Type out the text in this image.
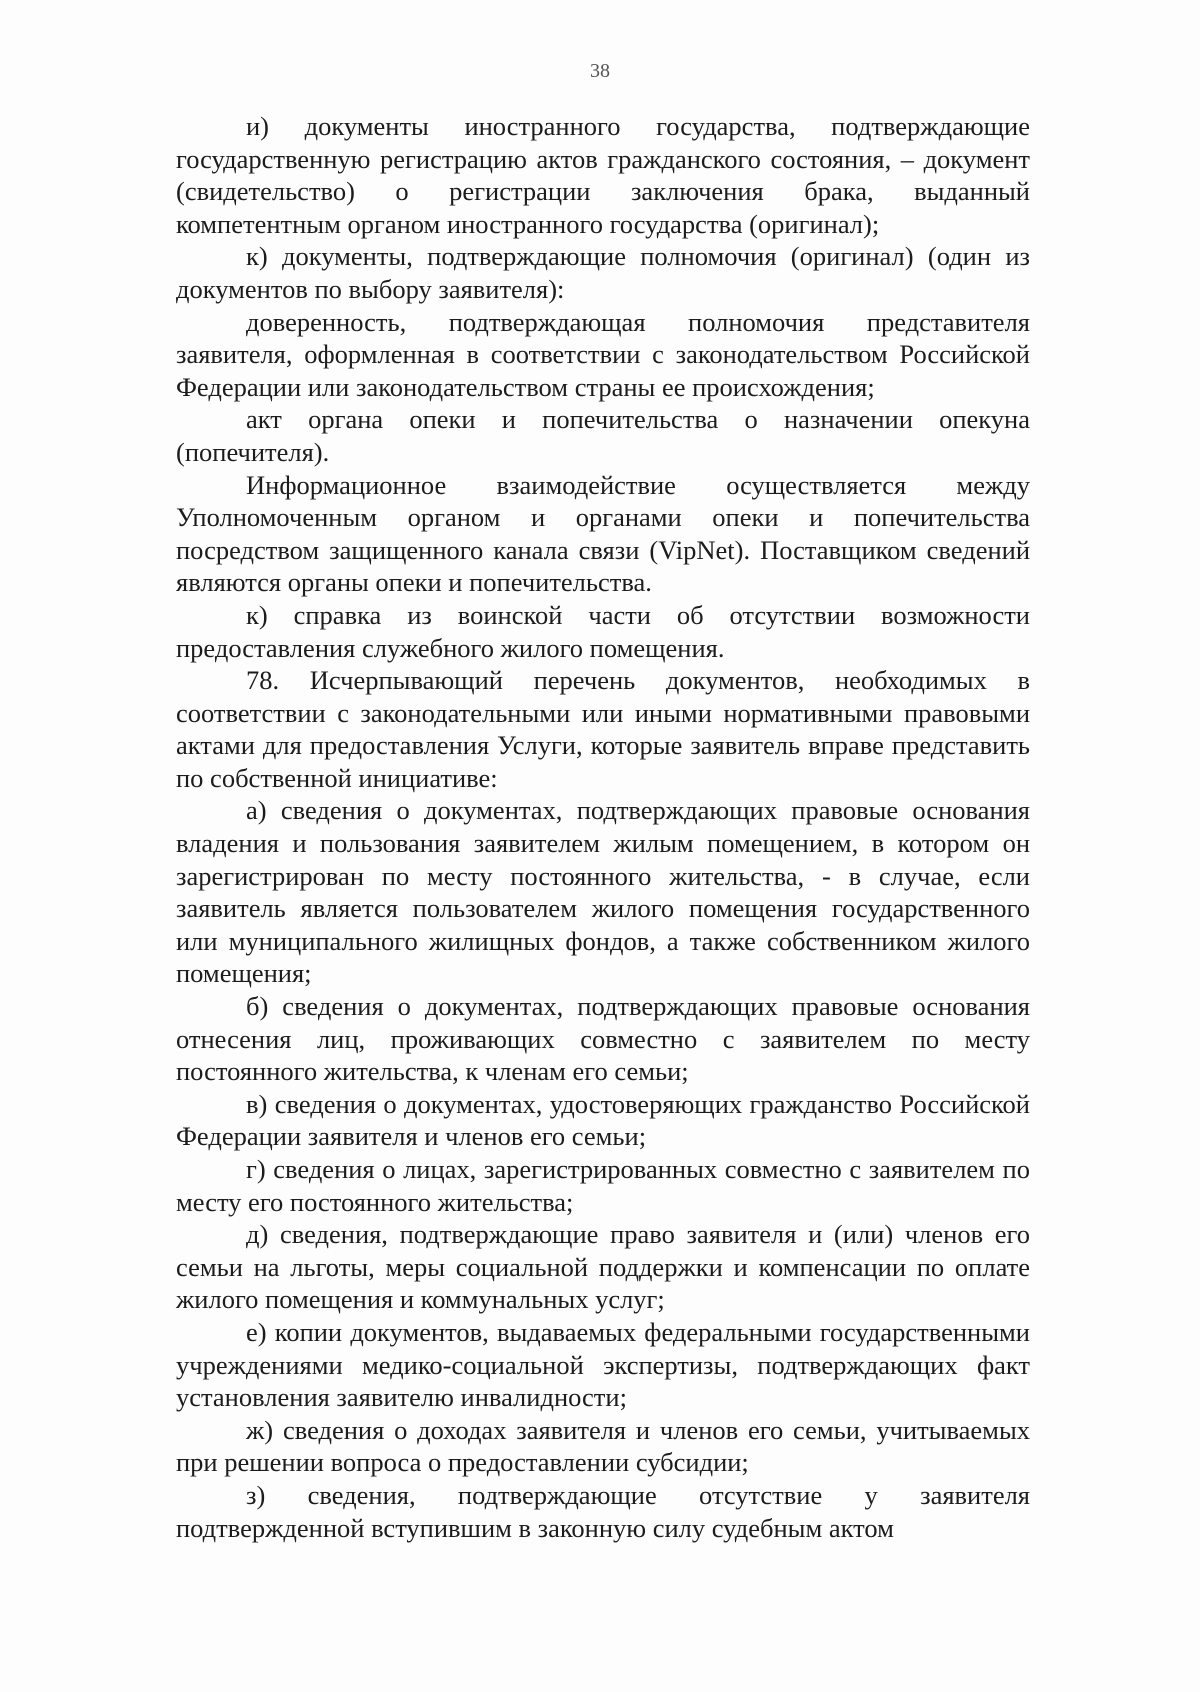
38

и) документы иностранного государства, подтверждающие государственную регистрацию актов гражданского состояния, – документ (свидетельство) о регистрации заключения брака, выданный компетентным органом иностранного государства (оригинал);

к) документы, подтверждающие полномочия (оригинал) (один из документов по выбору заявителя):

доверенность, подтверждающая полномочия представителя заявителя, оформленная в соответствии с законодательством Российской Федерации или законодательством страны ее происхождения;

акт органа опеки и попечительства о назначении опекуна (попечителя).

Информационное взаимодействие осуществляется между Уполномоченным органом и органами опеки и попечительства посредством защищенного канала связи (VipNet). Поставщиком сведений являются органы опеки и попечительства.

к) справка из воинской части об отсутствии возможности предоставления служебного жилого помещения.

78. Исчерпывающий перечень документов, необходимых в соответствии с законодательными или иными нормативными правовыми актами для предоставления Услуги, которые заявитель вправе представить по собственной инициативе:

а) сведения о документах, подтверждающих правовые основания владения и пользования заявителем жилым помещением, в котором он зарегистрирован по месту постоянного жительства, - в случае, если заявитель является пользователем жилого помещения государственного или муниципального жилищных фондов, а также собственником жилого помещения;

б) сведения о документах, подтверждающих правовые основания отнесения лиц, проживающих совместно с заявителем по месту постоянного жительства, к членам его семьи;

в) сведения о документах, удостоверяющих гражданство Российской Федерации заявителя и членов его семьи;

г) сведения о лицах, зарегистрированных совместно с заявителем по месту его постоянного жительства;

д) сведения, подтверждающие право заявителя и (или) членов его семьи на льготы, меры социальной поддержки и компенсации по оплате жилого помещения и коммунальных услуг;

е) копии документов, выдаваемых федеральными государственными учреждениями медико-социальной экспертизы, подтверждающих факт установления заявителю инвалидности;

ж) сведения о доходах заявителя и членов его семьи, учитываемых при решении вопроса о предоставлении субсидии;

з) сведения, подтверждающие отсутствие у заявителя подтвержденной вступившим в законную силу судебным актом
